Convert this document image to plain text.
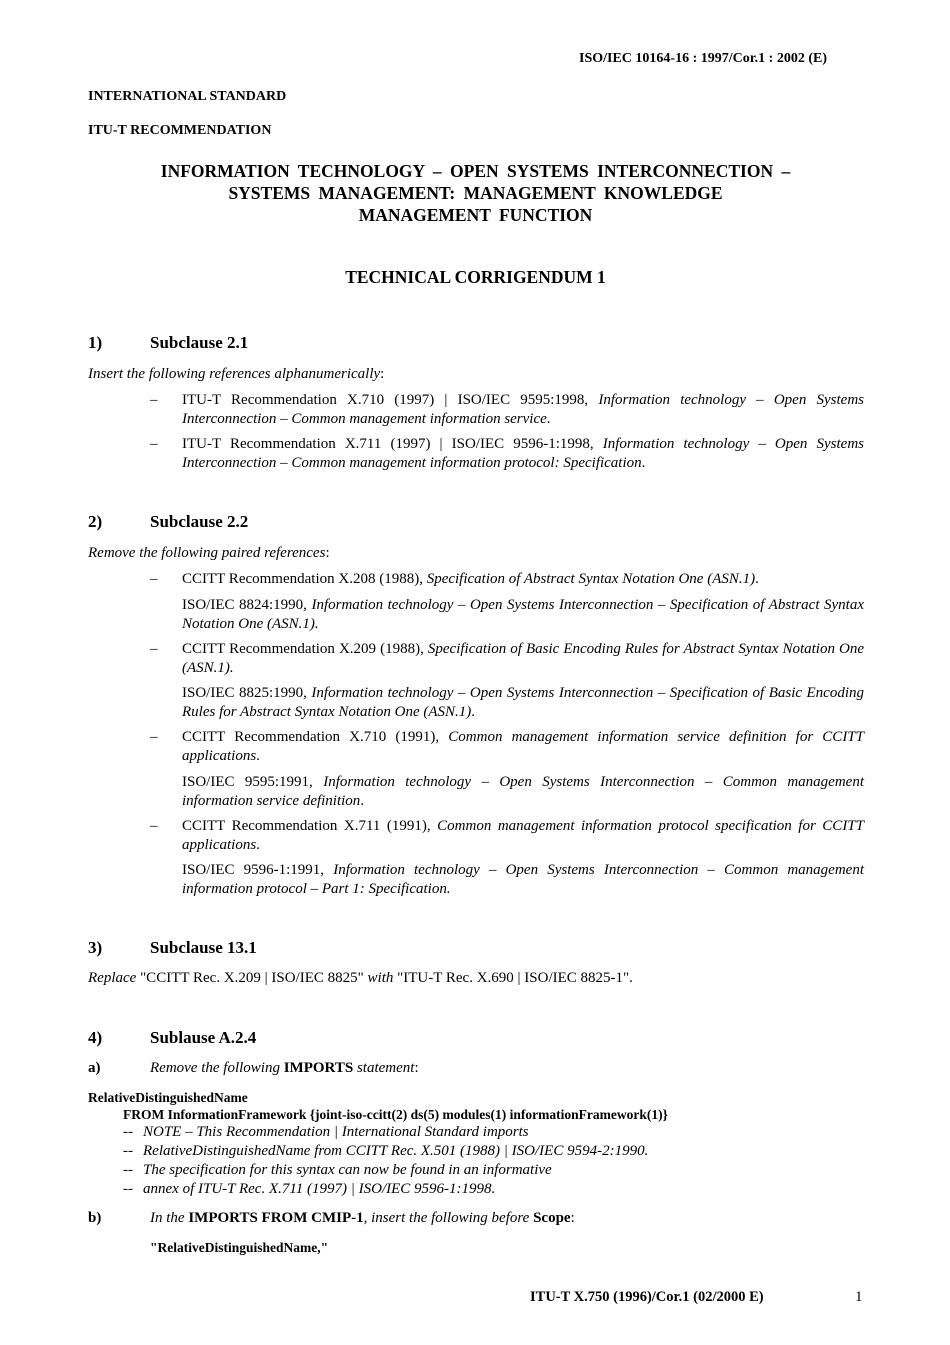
ISO/IEC 10164-16 : 1997/Cor.1 : 2002 (E)
INTERNATIONAL STANDARD
ITU-T RECOMMENDATION
INFORMATION TECHNOLOGY – OPEN SYSTEMS INTERCONNECTION –
SYSTEMS MANAGEMENT: MANAGEMENT KNOWLEDGE
MANAGEMENT FUNCTION
TECHNICAL CORRIGENDUM 1
1)	Subclause 2.1
Insert the following references alphanumerically:
– ITU-T Recommendation X.710 (1997) | ISO/IEC 9595:1998, Information technology – Open Systems Interconnection – Common management information service.
– ITU-T Recommendation X.711 (1997) | ISO/IEC 9596-1:1998, Information technology – Open Systems Interconnection – Common management information protocol: Specification.
2)	Subclause 2.2
Remove the following paired references:
– CCITT Recommendation X.208 (1988), Specification of Abstract Syntax Notation One (ASN.1).
ISO/IEC 8824:1990, Information technology – Open Systems Interconnection – Specification of Abstract Syntax Notation One (ASN.1).
– CCITT Recommendation X.209 (1988), Specification of Basic Encoding Rules for Abstract Syntax Notation One (ASN.1).
ISO/IEC 8825:1990, Information technology – Open Systems Interconnection – Specification of Basic Encoding Rules for Abstract Syntax Notation One (ASN.1).
– CCITT Recommendation X.710 (1991), Common management information service definition for CCITT applications.
ISO/IEC 9595:1991, Information technology – Open Systems Interconnection – Common management information service definition.
– CCITT Recommendation X.711 (1991), Common management information protocol specification for CCITT applications.
ISO/IEC 9596-1:1991, Information technology – Open Systems Interconnection – Common management information protocol – Part 1: Specification.
3)	Subclause 13.1
Replace "CCITT Rec. X.209 | ISO/IEC 8825" with "ITU-T Rec. X.690 | ISO/IEC 8825-1".
4)	Sublause A.2.4
a)	Remove the following IMPORTS statement:
RelativeDistinguishedName
FROM InformationFramework {joint-iso-ccitt(2) ds(5) modules(1) informationFramework(1)}
-- NOTE – This Recommendation | International Standard imports
-- RelativeDistinguishedName from CCITT Rec. X.501 (1988) | ISO/IEC 9594-2:1990.
-- The specification for this syntax can now be found in an informative
-- annex of ITU-T Rec. X.711 (1997) | ISO/IEC 9596-1:1998.
b)	In the IMPORTS FROM CMIP-1, insert the following before Scope:
"RelativeDistinguishedName,"
ITU-T X.750 (1996)/Cor.1 (02/2000 E)	1
